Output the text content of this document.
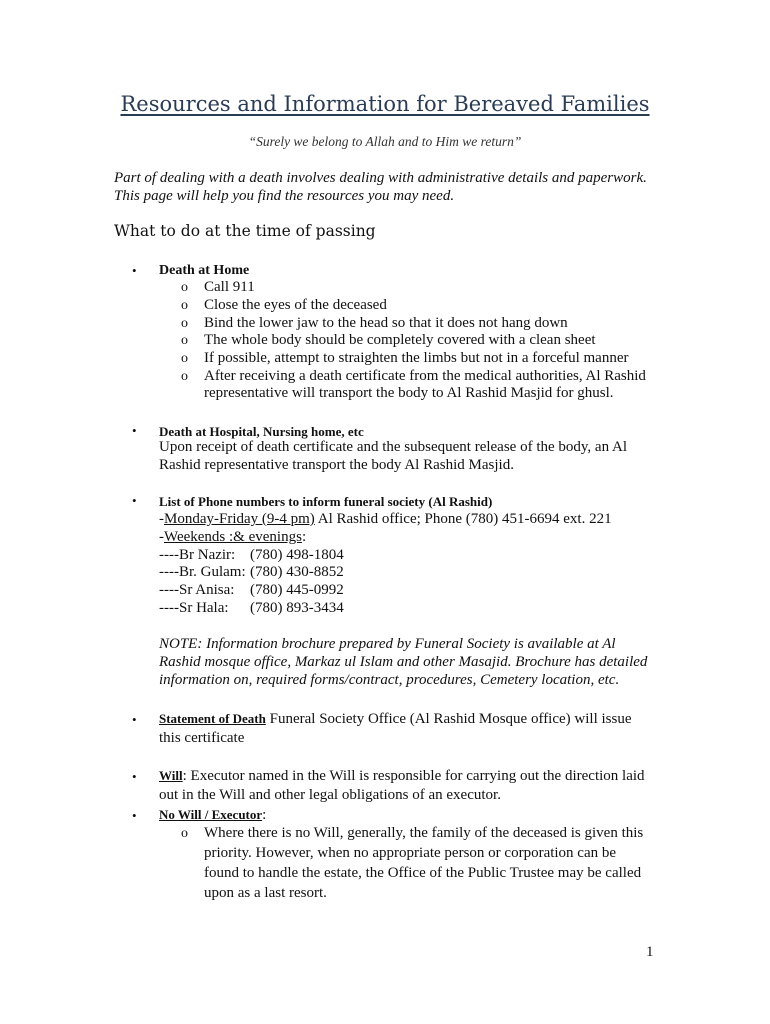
Resources and Information for Bereaved Families
“Surely we belong to Allah and to Him we return”
Part of dealing with a death involves dealing with administrative details and paperwork.
This page will help you find the resources you may need.
What to do at the time of passing
• Death at Home
o Call 911
o Close the eyes of the deceased
o Bind the lower jaw to the head so that it does not hang down
o The whole body should be completely covered with a clean sheet
o If possible, attempt to straighten the limbs but not in a forceful manner
o After receiving a death certificate from the medical authorities, Al Rashid
representative will transport the body to Al Rashid Masjid for ghusl.
• Death at Hospital, Nursing home, etc
Upon receipt of death certificate and the subsequent release of the body, an Al
Rashid representative transport the body Al Rashid Masjid.
• List of Phone numbers to inform funeral society (Al Rashid)
-Monday-Friday (9-4 pm) Al Rashid office; Phone (780) 451-6694 ext. 221
-Weekends :& evenings:
----Br Nazir: (780) 498-1804
----Br. Gulam: (780) 430-8852
----Sr Anisa: (780) 445-0992
----Sr Hala: (780) 893-3434
NOTE: Information brochure prepared by Funeral Society is available at Al
Rashid mosque office, Markaz ul Islam and other Masajid. Brochure has detailed
information on, required forms/contract, procedures, Cemetery location, etc.
• Statement of Death Funeral Society Office (Al Rashid Mosque office) will issue
this certificate
• Will: Executor named in the Will is responsible for carrying out the direction laid
out in the Will and other legal obligations of an executor.
• No Will / Executor:
o Where there is no Will, generally, the family of the deceased is given this
priority. However, when no appropriate person or corporation can be
found to handle the estate, the Office of the Public Trustee may be called
upon as a last resort.
1
